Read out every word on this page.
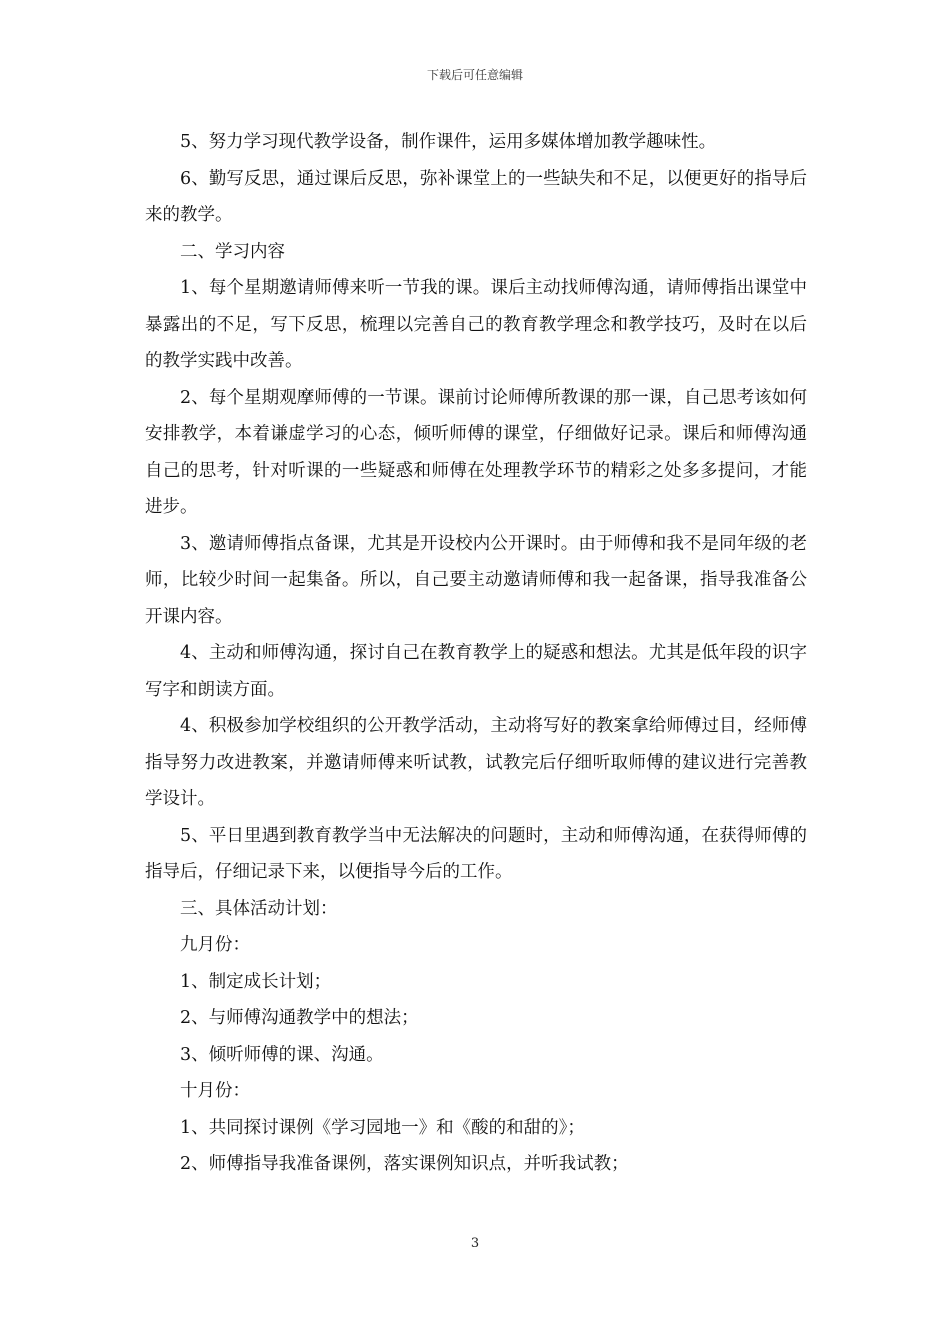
下载后可任意编辑

5、努力学习现代教学设备，制作课件，运用多媒体增加教学趣味性。

6、勤写反思，通过课后反思，弥补课堂上的一些缺失和不足，以便更好的指导后来的教学。

二、学习内容

1、每个星期邀请师傅来听一节我的课。课后主动找师傅沟通，请师傅指出课堂中暴露出的不足，写下反思，梳理以完善自己的教育教学理念和教学技巧，及时在以后的教学实践中改善。

2、每个星期观摩师傅的一节课。课前讨论师傅所教课的那一课，自己思考该如何安排教学，本着谦虚学习的心态，倾听师傅的课堂，仔细做好记录。课后和师傅沟通自己的思考，针对听课的一些疑惑和师傅在处理教学环节的精彩之处多多提问，才能进步。

3、邀请师傅指点备课，尤其是开设校内公开课时。由于师傅和我不是同年级的老师，比较少时间一起集备。所以，自己要主动邀请师傅和我一起备课，指导我准备公开课内容。

4、主动和师傅沟通，探讨自己在教育教学上的疑惑和想法。尤其是低年段的识字写字和朗读方面。

4、积极参加学校组织的公开教学活动，主动将写好的教案拿给师傅过目，经师傅指导努力改进教案，并邀请师傅来听试教，试教完后仔细听取师傅的建议进行完善教学设计。

5、平日里遇到教育教学当中无法解决的问题时，主动和师傅沟通，在获得师傅的指导后，仔细记录下来，以便指导今后的工作。

三、具体活动计划：

九月份：

1、制定成长计划；

2、与师傅沟通教学中的想法；

3、倾听师傅的课、沟通。

十月份：

1、共同探讨课例《学习园地一》和《酸的和甜的》；

2、师傅指导我准备课例，落实课例知识点，并听我试教；

3
